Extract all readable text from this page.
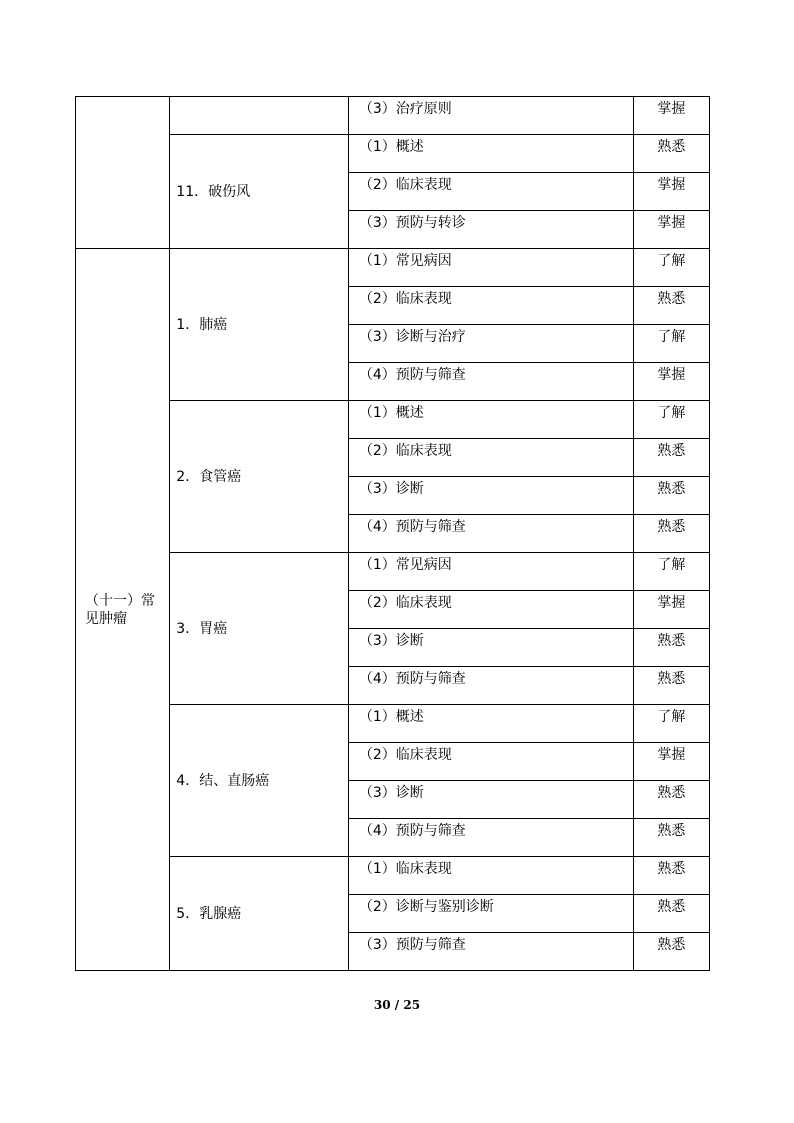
		（3）治疗原则	掌握
	11．破伤风	（1）概述	熟悉
		（2）临床表现	掌握
		（3）预防与转诊	掌握
（十一）常见肿瘤	1．肺癌	（1）常见病因	了解
		（2）临床表现	熟悉
		（3）诊断与治疗	了解
		（4）预防与筛查	掌握
	2．食管癌	（1）概述	了解
		（2）临床表现	熟悉
		（3）诊断	熟悉
		（4）预防与筛查	熟悉
	3．胃癌	（1）常见病因	了解
		（2）临床表现	掌握
		（3）诊断	熟悉
		（4）预防与筛查	熟悉
	4．结、直肠癌	（1）概述	了解
		（2）临床表现	掌握
		（3）诊断	熟悉
		（4）预防与筛查	熟悉
	5．乳腺癌	（1）临床表现	熟悉
		（2）诊断与鉴别诊断	熟悉
		（3）预防与筛查	熟悉
30 / 25
